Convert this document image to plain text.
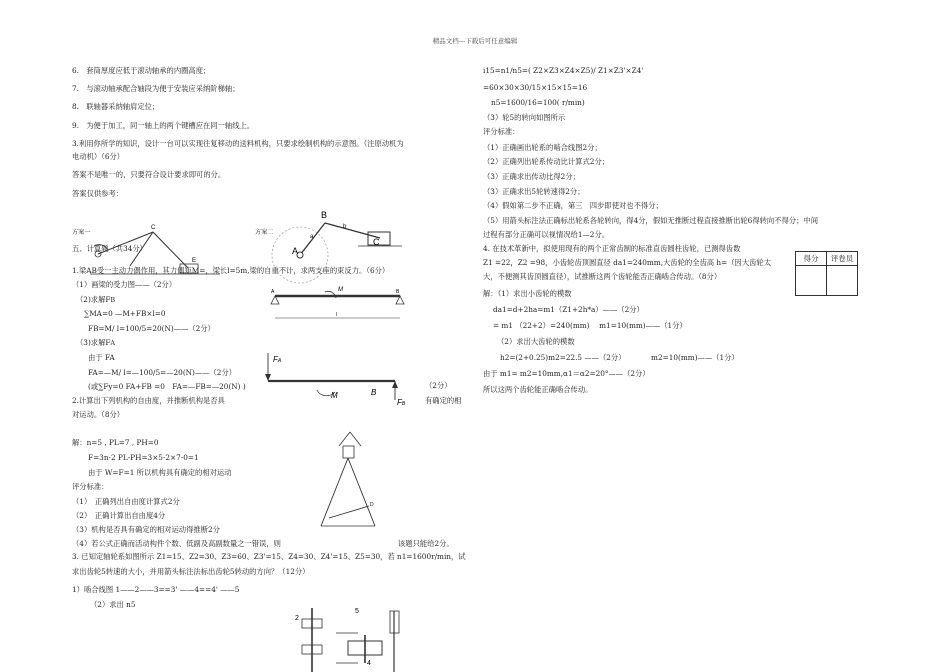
精品文档---下载后可任意编辑
6.　套筒厚度应低于滚动轴承的内圈高度；
7.　与滚动轴承配合轴段为便于安装应采纳阶梯轴；
8.　联轴器采纳轴肩定位；
9.　为便于加工，同一轴上的两个键槽应在同一轴线上。
3.利用你所学的知识，设计一台可以实现往复移动的送料机构，只要求绘制机构的示意图。（注原动机为
电动机）（6分）
答案不是唯一的，只要符合设计要求即可的分。
答案仅供参考：
方案一	方案二
五、计算题（共34分）
1.梁AB受一主动力偶作用，其力偶矩M=，梁长l=5m,梁的自重不计，求两支座的束反力。（6分）
（1）画梁的受力图——（2分）
（2)求解FB
∑MA=0 —M+FB×l=0
FB=M/ l=100/5=20(N)——（2分）
（3)求解FA
由于 FA
FA=—M/ l=—100/5=—20(N)——（2分）
(或∑Fy=0 FA+FB =0　FA=—FB=—20(N) )
2.计算出下列机构的自由度，并推断机构是否具
对运动。（8分）
有确定的相
（2分）
解：n=5 , PL=7 , PH=0
F=3n-2 PL-PH=3×5-2×7-0=1
由于 W=F=1 所以机构具有确定的相对运动
评分标准：
（1）　正确列出自由度计算式2分
（2）　正确计算出自由度4分
（3）机构是否具有确定的相对运动得推断2分
（4）若公式正确而活动构件个数、低副及高副数量之一错误，则	该题只能给2分。
3. 已知定轴轮系如图所示 Z1=15、Z2=30、Z3=60、Z3'=15、Z4=30、Z4'=15、Z5=30，若 n1=1600r/min，试
求出齿轮5转速的大小，并用箭头标注法标出齿轮5转动的方向？（12分）
1）啮合线图 1——2——3==3' ——4==4' ——5
（2）求出 n5
i15=n1/n5=( Z2×Z3×Z4×Z5)/ Z1×Z3'×Z4'
=60×30×30/15×15×15=16
n5=1600/16=100( r/min)
（3）轮5的转向如图所示
评分标准：
（1）正确画出轮系的啮合线图2分；
（2）正确列出轮系传动比计算式2分；
（3）正确求出传动比得2分；
（3）正确求出5轮转速得2分；
（4）假如第二步不正确，第三　四步即使对也不得分；
（5）用箭头标注法正确标出轮系各轮转向，得4分，假如无推断过程直接推断出轮6得转向不得分；中间
过程有部分正确可以视情况给1—2分。
4. 在技术革新中，拟使用现有的两个正常齿制的标准直齿圆柱齿轮，已测得齿数
Z1 =22，Z2 =98，小齿轮齿顶圆直径 da1=240mm,大齿轮的全齿高 h=（因大齿轮太
大，不便测其齿顶圆直径），试推断这两个齿轮能否正确啮合传动。（8分）
解：（1）求出小齿轮的模数
da1=d+2ha=m1（Z1+2h*a）——（2分）
= m1 （22+2）=240(mm)　 m1=10(mm)——（1分）
（2）求出大齿轮的模数
h2=(2+0.25)m2=22.5 ——（2分）　　　　m2=10(mm)——（1分）
由于 m1= m2=10mm,α1＝α2=20°——（2分）
所以这两个齿轮能正确啮合传动。
得分	评卷员

C
E
B
A
C
b
a
A	B
M
l
FA
M	B
FB
D
2
5
4
